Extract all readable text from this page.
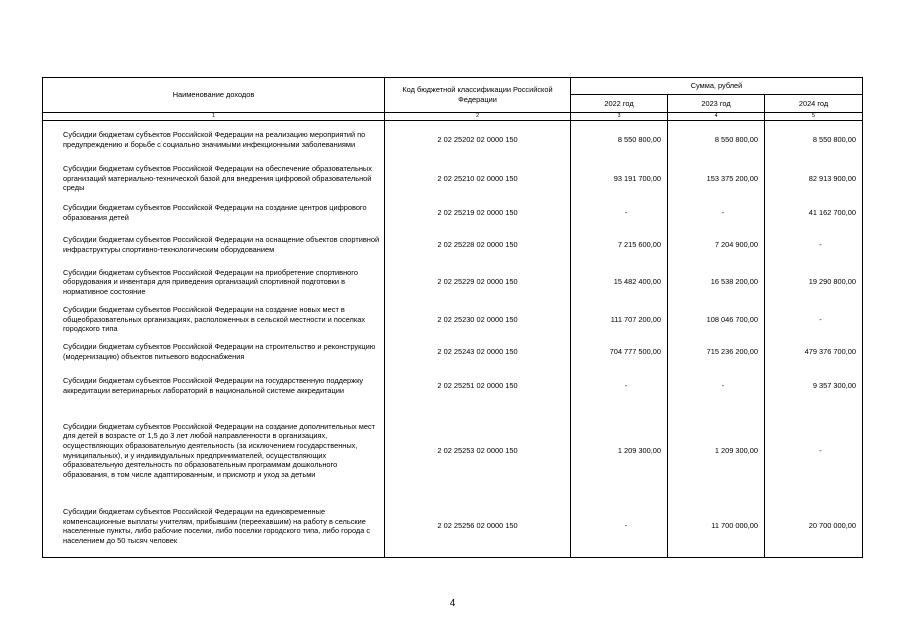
Наименование доходов	Код бюджетной классификации Российской Федерации	Сумма, рублей		
		2022 год	2023 год	2024 год
1	2	3	4	5
Субсидии бюджетам субъектов Российской Федерации на реализацию мероприятий по предупреждению и борьбе с социально значимыми инфекционными заболеваниями	2 02 25202 02 0000 150	8 550 800,00	8 550 800,00	8 550 800,00
Субсидии бюджетам субъектов Российской Федерации на обеспечение образовательных организаций материально-технической базой для внедрения цифровой образовательной среды	2 02 25210 02 0000 150	93 191 700,00	153 375 200,00	82 913 900,00
Субсидии бюджетам субъектов Российской Федерации на создание центров цифрового образования детей	2 02 25219 02 0000 150	-	-	41 162 700,00
Субсидии бюджетам субъектов Российской Федерации на оснащение объектов спортивной инфраструктуры спортивно-технологическим оборудованием	2 02 25228 02 0000 150	7 215 600,00	7 204 900,00	-
Субсидии бюджетам субъектов Российской Федерации на приобретение спортивного оборудования и инвентаря для приведения организаций спортивной подготовки в нормативное состояние	2 02 25229 02 0000 150	15 482 400,00	16 538 200,00	19 290 800,00
Субсидии бюджетам субъектов Российской Федерации на создание новых мест в общеобразовательных организациях, расположенных в сельской местности и поселках городского типа	2 02 25230 02 0000 150	111 707 200,00	108 046 700,00	-
Субсидии бюджетам субъектов Российской Федерации на строительство и реконструкцию (модернизацию) объектов питьевого водоснабжения	2 02 25243 02 0000 150	704 777 500,00	715 236 200,00	479 376 700,00
Субсидии бюджетам субъектов Российской Федерации на государственную поддержку аккредитации ветеринарных лабораторий в национальной системе аккредитации	2 02 25251 02 0000 150	-	-	9 357 300,00
Субсидии бюджетам субъектов Российской Федерации на создание дополнительных мест для детей в возрасте от 1,5 до 3 лет любой направленности в организациях, осуществляющих образовательную деятельность (за исключением государственных, муниципальных), и у индивидуальных предпринимателей, осуществляющих образовательную деятельность по образовательным программам дошкольного образования, в том числе адаптированным, и присмотр и уход за детьми	2 02 25253 02 0000 150	1 209 300,00	1 209 300,00	-
Субсидии бюджетам субъектов Российской Федерации на единовременные компенсационные выплаты учителям, прибывшим (переехавшим) на работу в сельские населенные пункты, либо рабочие поселки, либо поселки городского типа, либо города с населением до 50 тысяч человек	2 02 25256 02 0000 150	-	11 700 000,00	20 700 000,00
4
